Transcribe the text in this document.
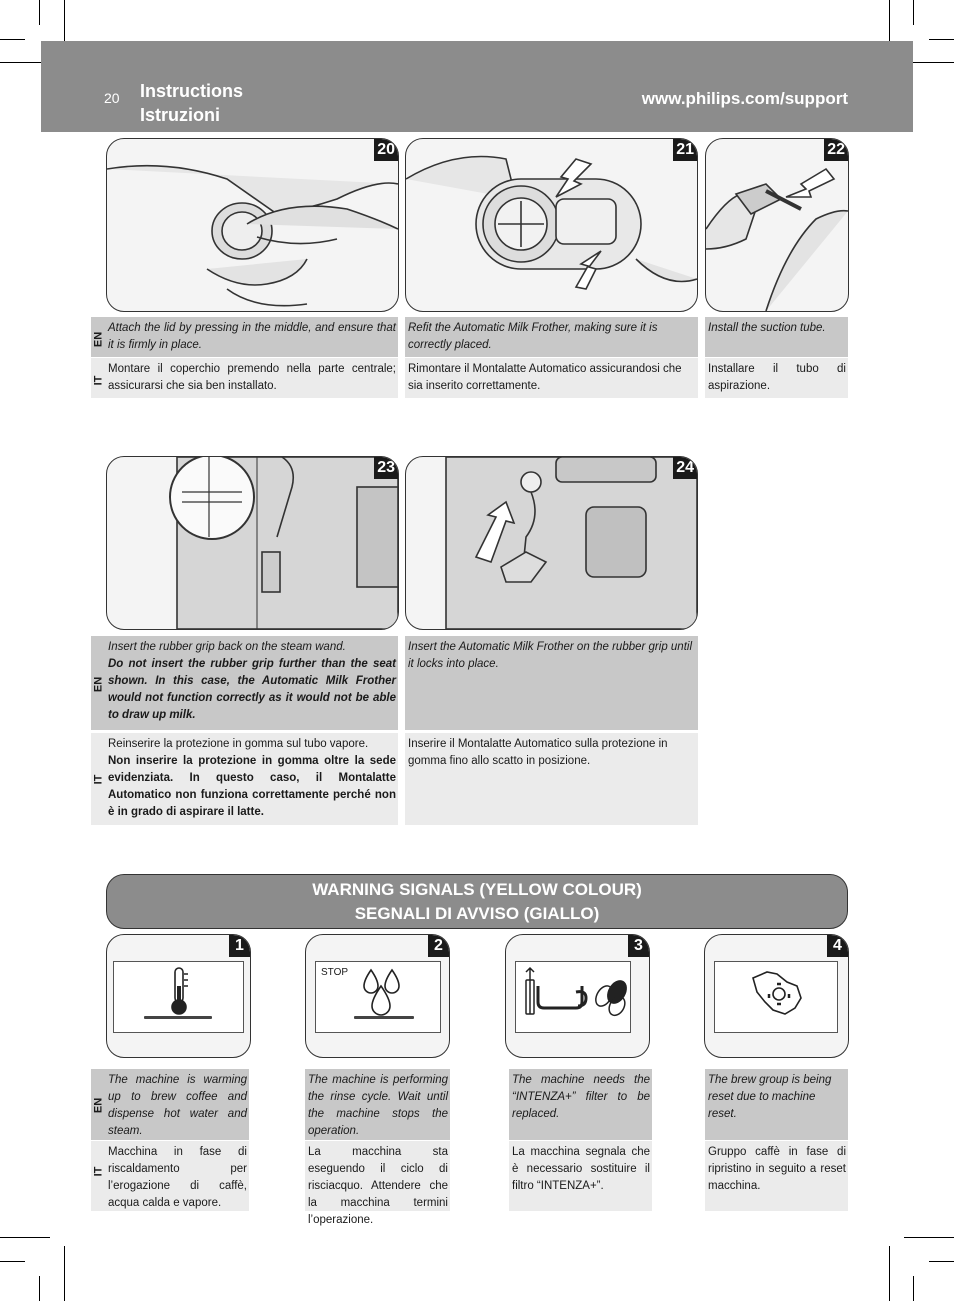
20 Instructions
Istruzioni
www.philips.com/support
20
EN
Attach the lid by pressing in the middle, and ensure that it is firmly in place.
IT
Montare il coperchio premendo nella parte centrale; assicurarsi che sia ben installato.
21
Refit the Automatic Milk Frother, making sure it is correctly placed.
Rimontare il Montalatte Automatico assicurandosi che sia inserito correttamente.
22
Install the suction tube.
Installare il tubo di aspirazione.
23
EN
Insert the rubber grip back on the steam wand.
Do not insert the rubber grip further than the seat shown. In this case, the Automatic Milk Frother would not function correctly as it would not be able to draw up milk.
IT
Reinserire la protezione in gomma sul tubo vapore.
Non inserire la protezione in gomma oltre la sede evidenziata. In questo caso, il Montalatte Automatico non funziona correttamente perché non è in grado di aspirare il latte.
24
Insert the Automatic Milk Frother on the rubber grip until it locks into place.
Inserire il Montalatte Automatico sulla protezione in gomma fino allo scatto in posizione.
WARNING SIGNALS (YELLOW COLOUR)
SEGNALI DI AVVISO (GIALLO)
1
EN
The machine is warming up to brew coffee and dispense hot water and steam.
IT
Macchina in fase di riscaldamento per l’erogazione di caffè, acqua calda e vapore.
STOP
2
The machine is performing the rinse cycle. Wait until the machine stops the operation.
La macchina sta eseguendo il ciclo di risciacquo. Attendere che la macchina termini l’operazione.
3
The machine needs the “INTENZA+” filter to be replaced.
La macchina segnala che è necessario sostituire il filtro “INTENZA+”.
4
The brew group is being reset due to machine reset.
Gruppo caffè in fase di ripristino in seguito a reset macchina.
